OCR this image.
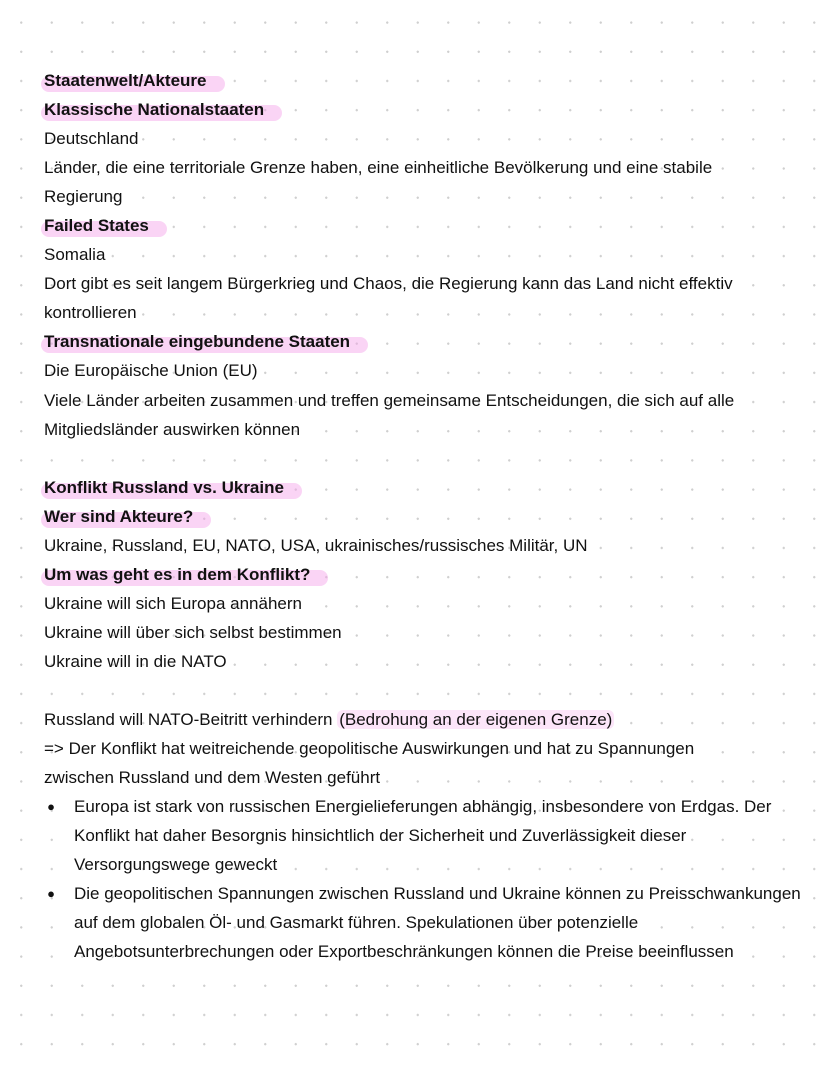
Staatenwelt/Akteure
Klassische Nationalstaaten
Deutschland
Länder, die eine territoriale Grenze haben, eine einheitliche Bevölkerung und eine stabile
Regierung
Failed States
Somalia
Dort gibt es seit langem Bürgerkrieg und Chaos, die Regierung kann das Land nicht effektiv
kontrollieren
Transnationale eingebundene Staaten
Die Europäische Union (EU)
Viele Länder arbeiten zusammen und treffen gemeinsame Entscheidungen, die sich auf alle
Mitgliedsländer auswirken können
Konflikt Russland vs. Ukraine
Wer sind Akteure?
Ukraine, Russland, EU, NATO, USA, ukrainisches/russisches Militär, UN
Um was geht es in dem Konflikt?
Ukraine will sich Europa annähern
Ukraine will über sich selbst bestimmen
Ukraine will in die NATO
Russland will NATO-Beitritt verhindern (Bedrohung an der eigenen Grenze)
=> Der Konflikt hat weitreichende geopolitische Auswirkungen und hat zu Spannungen
zwischen Russland und dem Westen geführt
● Europa ist stark von russischen Energielieferungen abhängig, insbesondere von Erdgas. Der Konflikt hat daher Besorgnis hinsichtlich der Sicherheit und Zuverlässigkeit dieser Versorgungswege geweckt
● Die geopolitischen Spannungen zwischen Russland und Ukraine können zu Preisschwankungen auf dem globalen Öl- und Gasmarkt führen. Spekulationen über potenzielle Angebotsunterbrechungen oder Exportbeschränkungen können die Preise beeinflussen
